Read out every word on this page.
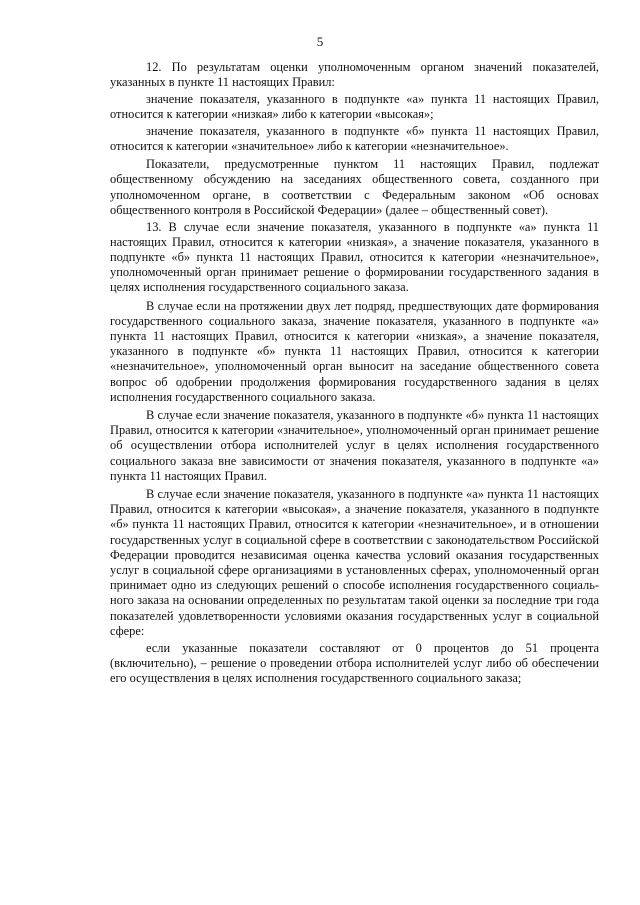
5

12. По результатам оценки уполномоченным органом значений показателей, указанных в пункте 11 настоящих Правил:

значение показателя, указанного в подпункте «а» пункта 11 настоящих Правил, относится к категории «низкая» либо к категории «высокая»;

значение показателя, указанного в подпункте «б» пункта 11 настоящих Правил, относится к категории «значительное» либо к категории «незначительное».

Показатели, предусмотренные пунктом 11 настоящих Правил, подлежат общественному обсуждению на заседаниях общественного совета, созданного при уполномоченном органе, в соответствии с Федеральным законом «Об основах общественного контроля в Российской Федерации» (далее – общественный совет).

13. В случае если значение показателя, указанного в подпункте «а» пункта 11 настоящих Правил, относится к категории «низкая», а значение показателя, указанного в подпункте «б» пункта 11 настоящих Правил, относится к категории «незначительное», уполномоченный орган принимает решение о формировании государственного задания в целях исполнения государственного социального заказа.

В случае если на протяжении двух лет подряд, предшествующих дате формирования государственного социального заказа, значение показателя, указанного в подпункте «а» пункта 11 настоящих Правил, относится к категории «низкая», а значение показателя, указанного в подпункте «б» пункта 11 настоящих Правил, относится к категории «незначительное», уполномоченный орган выносит на заседание общественного совета вопрос об одобрении продолжения формирования государственного задания в целях исполнения государственного социального заказа.

В случае если значение показателя, указанного в подпункте «б» пункта 11 настоящих Правил, относится к категории «значительное», уполномоченный орган принимает решение об осуществлении отбора исполнителей услуг в целях исполнения государственного социального заказа вне зависимости от значения показателя, указанного в подпункте «а» пункта 11 настоящих Правил.

В случае если значение показателя, указанного в подпункте «а» пункта 11 настоящих Правил, относится к категории «высокая», а значение показателя, указанного в подпункте «б» пункта 11 настоящих Правил, относится к категории «незначительное», и в отношении государственных услуг в социальной сфере в соответствии с законодательством Российской Федерации проводится независимая оценка качества условий оказания государственных услуг в социальной сфере организациями в установленных сферах, уполномоченный орган принимает одно из следующих решений о способе исполнения государственного социального заказа на основании определенных по результатам такой оценки за последние три года показателей удовлетворенности условиями оказания государственных услуг в социальной сфере:

если указанные показатели составляют от 0 процентов до 51 процента (включительно), – решение о проведении отбора исполнителей услуг либо об обеспечении его осуществления в целях исполнения государственного социального заказа;
